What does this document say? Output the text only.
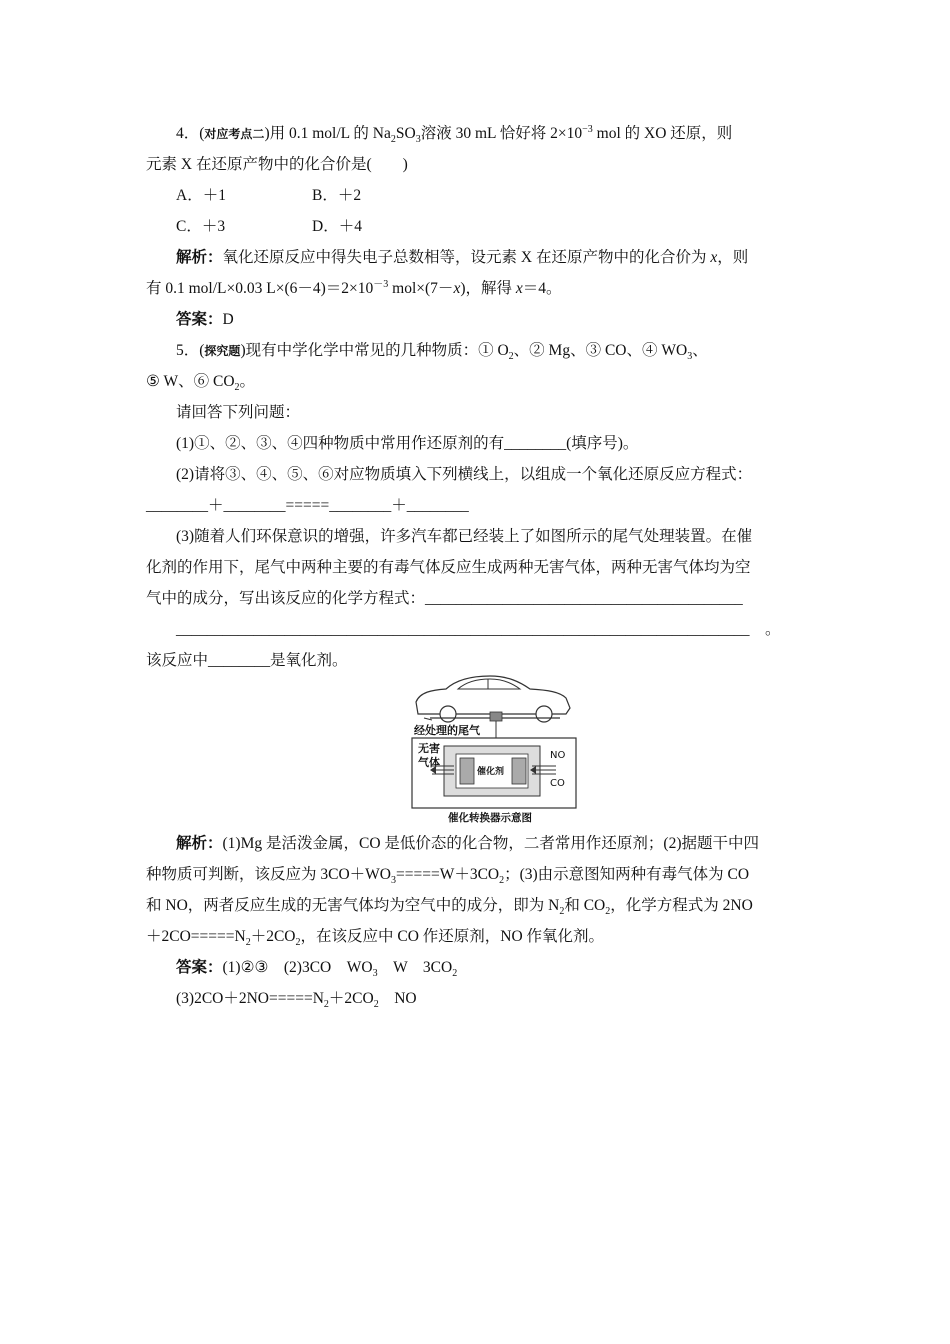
4．(对应考点二)用 0.1 mol/L 的 $Na_2SO_3$溶液 30 mL 恰好将 $2\times 10^{-3}$ mol 的 XO 还原，则
元素 X 在还原产物中的化合价是(　　)
A．＋1	B．＋2
C．＋3	D．＋4
解析：氧化还原反应中得失电子总数相等，设元素 X 在还原产物中的化合价为 x，则
有 0.1 mol/L×0.03 $L\times(6-4)=2\times 10^{-3}$ mol×(7－x)，解得 x＝4。
答案：D
5．(探究题)现有中学化学中常见的几种物质：① $O_2$、② Mg、③ CO、④ $WO_3$、
⑤ W、⑥ $CO_2$。
请回答下列问题：
(1)①、②、③、④四种物质中常用作还原剂的有________(填序号)。
(2)请将③、④、⑤、⑥对应物质填入下列横线上，以组成一个氧化还原反应方程式：
________＋________=====________＋________
(3)随着人们环保意识的增强，许多汽车都已经装上了如图所示的尾气处理装置。在催
化剂的作用下，尾气中两种主要的有毒气体反应生成两种无害气体，两种无害气体均为空
气中的成分，写出该反应的化学方程式：_________________________________________
__________________________________________________________________________　。
该反应中________是氧化剂。
经处理的尾气
无害
气体
催化剂
NO
CO
催化转换器示意图
解析：(1)Mg 是活泼金属，CO 是低价态的化合物，二者常用作还原剂；(2)据题干中四
种物质可判断，该反应为 $3CO+WO_3=====W+3CO_2$；(3)由示意图知两种有毒气体为 CO
和 NO，两者反应生成的无害气体均为空气中的成分，即为 $N_2$和 $CO_2$，化学方程式为 2NO
$+2CO=====N_2+2CO_2$，在该反应中 CO 作还原剂，NO 作氧化剂。
答案：(1)②③　(2)3CO　$WO_3$　W　$3CO_2$
$(3)2CO+2NO=====N_2+2CO_2$　NO
